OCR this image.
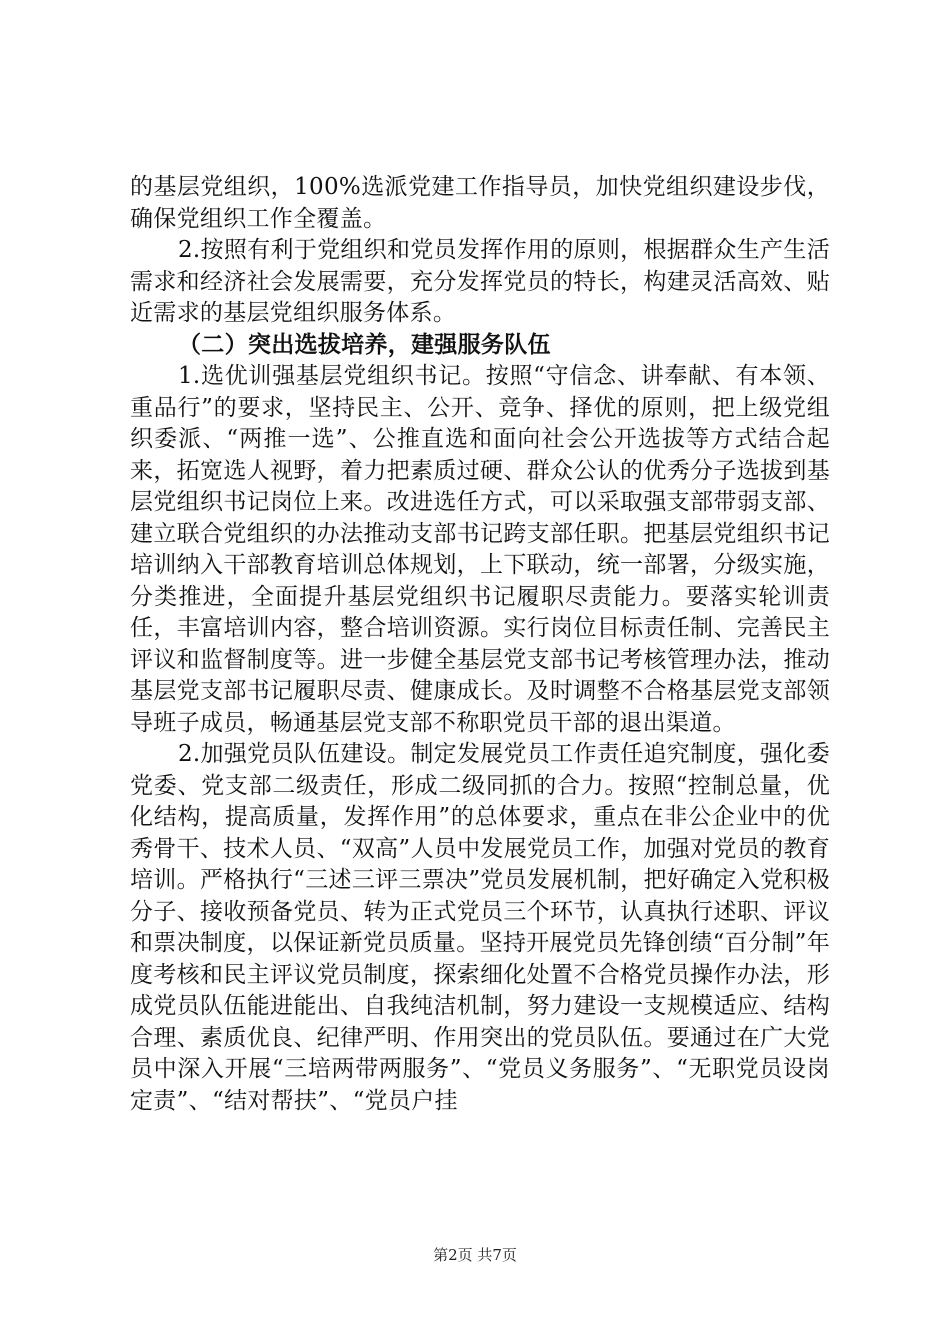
的基层党组织，100%选派党建工作指导员，加快党组织建设步伐，确保党组织工作全覆盖。

2.按照有利于党组织和党员发挥作用的原则，根据群众生产生活需求和经济社会发展需要，充分发挥党员的特长，构建灵活高效、贴近需求的基层党组织服务体系。

（二）突出选拔培养，建强服务队伍

1.选优训强基层党组织书记。按照“守信念、讲奉献、有本领、重品行”的要求，坚持民主、公开、竞争、择优的原则，把上级党组织委派、“两推一选”、公推直选和面向社会公开选拔等方式结合起来，拓宽选人视野，着力把素质过硬、群众公认的优秀分子选拔到基层党组织书记岗位上来。改进选任方式，可以采取强支部带弱支部、建立联合党组织的办法推动支部书记跨支部任职。把基层党组织书记培训纳入干部教育培训总体规划，上下联动，统一部署，分级实施，分类推进，全面提升基层党组织书记履职尽责能力。要落实轮训责任，丰富培训内容，整合培训资源。实行岗位目标责任制、完善民主评议和监督制度等。进一步健全基层党支部书记考核管理办法，推动基层党支部书记履职尽责、健康成长。及时调整不合格基层党支部领导班子成员，畅通基层党支部不称职党员干部的退出渠道。

2.加强党员队伍建设。制定发展党员工作责任追究制度，强化委党委、党支部二级责任，形成二级同抓的合力。按照“控制总量，优化结构，提高质量，发挥作用”的总体要求，重点在非公企业中的优秀骨干、技术人员、“双高”人员中发展党员工作，加强对党员的教育培训。严格执行“三述三评三票决”党员发展机制，把好确定入党积极分子、接收预备党员、转为正式党员三个环节，认真执行述职、评议和票决制度，以保证新党员质量。坚持开展党员先锋创绩“百分制”年度考核和民主评议党员制度，探索细化处置不合格党员操作办法，形成党员队伍能进能出、自我纯洁机制，努力建设一支规模适应、结构合理、素质优良、纪律严明、作用突出的党员队伍。要通过在广大党员中深入开展“三培两带两服务”、“党员义务服务”、“无职党员设岗定责”、“结对帮扶”、“党员户挂

第2页 共7页
